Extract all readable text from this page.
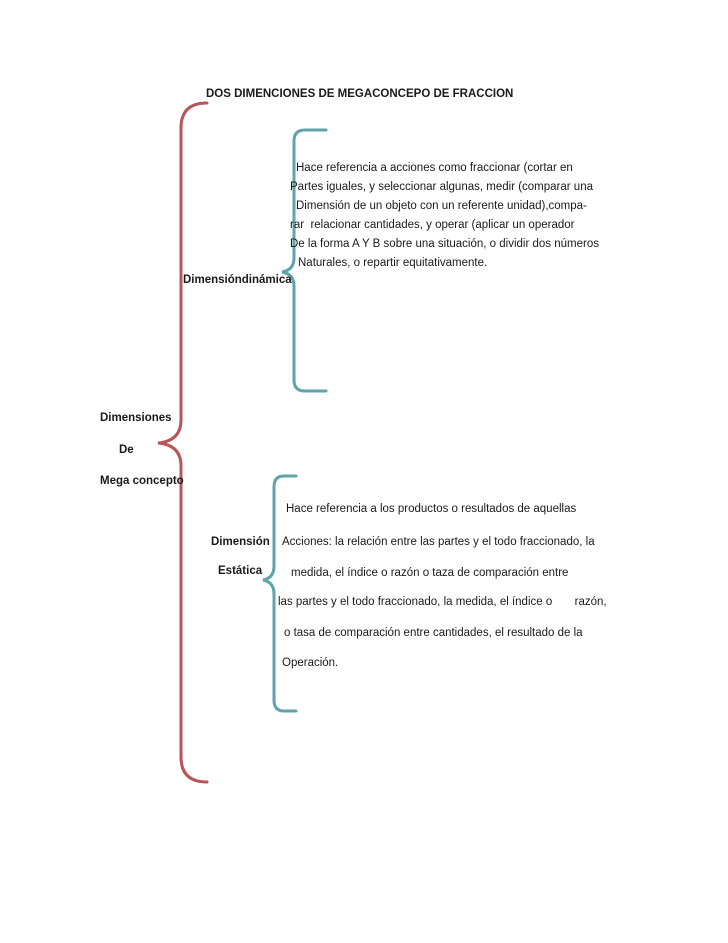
DOS DIMENCIONES DE MEGACONCEPO DE FRACCION
Dimensiones
De
Mega concepto
Dimensióndinámica
Hace referencia a acciones como fraccionar (cortar en
Partes iguales, y seleccionar algunas, medir (comparar una
Dimensión de un objeto con un referente unidad),compa-
rar  relacionar cantidades, y operar (aplicar un operador
De la forma A Y B sobre una situación, o dividir dos números
Naturales, o repartir equitativamente.
Dimensión
Estática
Hace referencia a los productos o resultados de aquellas
Acciones: la relación entre las partes y el todo fraccionado, la
medida, el índice o razón o taza de comparación entre
las partes y el todo fraccionado, la medida, el índice o       razón,
o tasa de comparación entre cantidades, el resultado de la
Operación.
